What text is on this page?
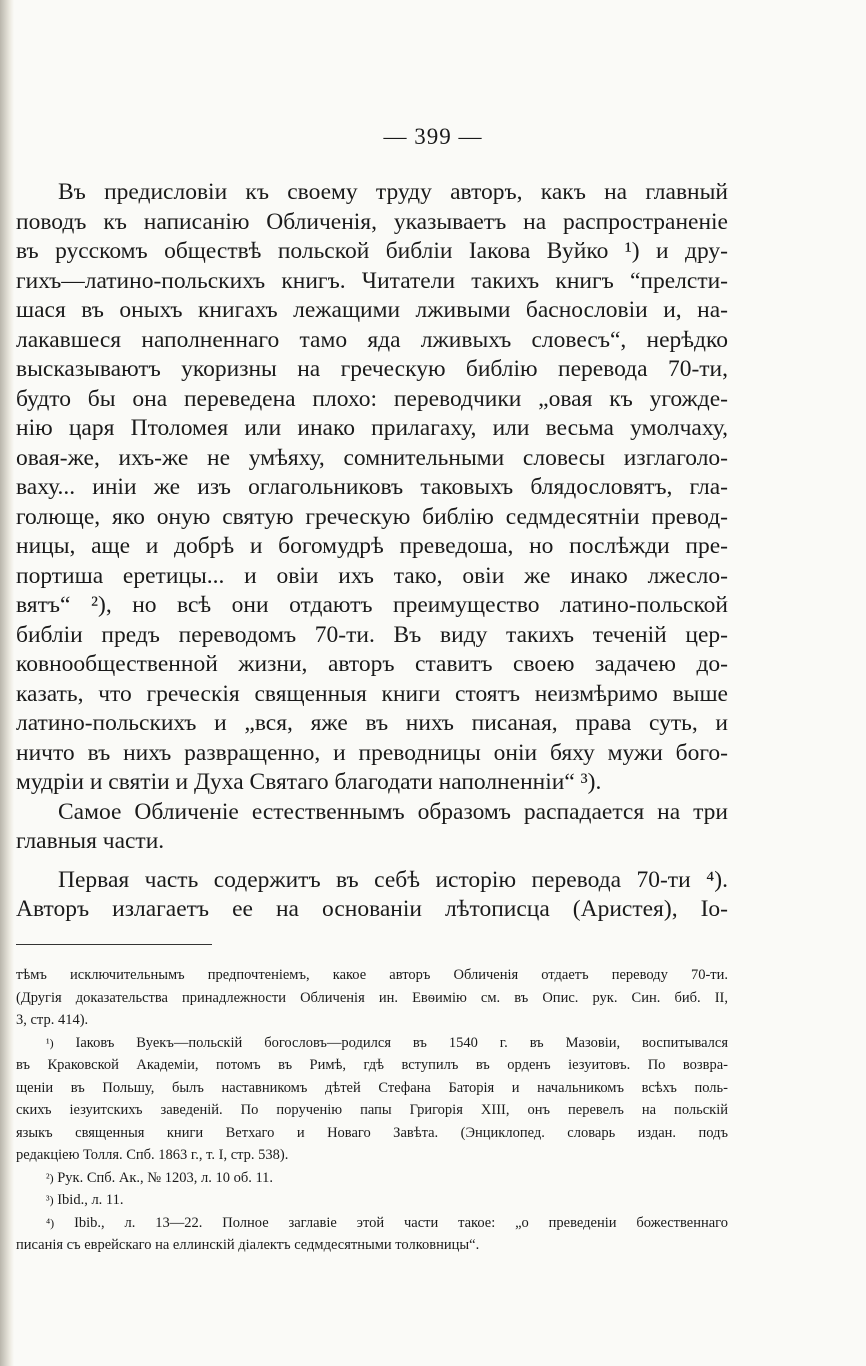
— 399 —
Въ предисловіи къ своему труду авторъ, какъ на главный
поводъ къ написанію Обличенія, указываетъ на распространеніе
въ русскомъ обществѣ польской библіи Іакова Вуйко ¹) и дру-
гихъ—латино-польскихъ книгъ. Читатели такихъ книгъ “прелсти-
шася въ оныхъ книгахъ лежащими лживыми баснословіи и, на-
лакавшеся наполненнаго тамо яда лживыхъ словесъ“, нерѣдко
высказываютъ укоризны на греческую библію перевода 70-ти,
будто бы она переведена плохо: переводчики „овая къ угожде-
нію царя Птоломея или инако прилагаху, или весьма умолчаху,
овая-же, ихъ-же не умѣяху, сомнительными словесы изглаголо-
ваху... иніи же изъ оглагольниковъ таковыхъ блядословятъ, гла-
голюще, яко оную святую греческую библію седмдесятніи превод-
ницы, аще и добрѣ и богомудрѣ преведоша, но послѣжди пре-
портиша еретицы... и овіи ихъ тако, овіи же инако лжесло-
вятъ“ ²), но всѣ они отдаютъ преимущество латино-польской
библіи предъ переводомъ 70-ти. Въ виду такихъ теченій цер-
ковнообщественной жизни, авторъ ставитъ своею задачею до-
казать, что греческія священныя книги стоятъ неизмѣримо выше
латино-польскихъ и „вся, яже въ нихъ писаная, права суть, и
ничто въ нихъ развращенно, и преводницы оніи бяху мужи бого-
мудріи и святіи и Духа Святаго благодати наполненніи“ ³).
Самое Обличеніе естественнымъ образомъ распадается на три
главныя части.
Первая часть содержитъ въ себѣ исторію перевода 70-ти ⁴).
Авторъ излагаетъ ее на основаніи лѣтописца (Аристея), Іо-
тѣмъ исключительнымъ предпочтеніемъ, какое авторъ Обличенія отдаетъ переводу 70-ти.
(Другія доказательства принадлежности Обличенія ин. Евѳимію см. въ Опис. рук. Син. биб. II,
3, стр. 414).
¹) Іаковъ Вуекъ—польскій богословъ—родился въ 1540 г. въ Мазовіи, воспитывался
въ Краковской Академіи, потомъ въ Римѣ, гдѣ вступилъ въ орденъ іезуитовъ. По возвра-
щеніи въ Польшу, былъ наставникомъ дѣтей Стефана Баторія и начальникомъ всѣхъ поль-
скихъ іезуитскихъ заведеній. По порученію папы Григорія XIII, онъ перевелъ на польскій
языкъ священныя книги Ветхаго и Новаго Завѣта. (Энциклопед. словарь издан. подъ
редакціею Толля. Спб. 1863 г., т. I, стр. 538).
²) Рук. Спб. Ак., № 1203, л. 10 об. 11.
³) Ibid., л. 11.
⁴) Ibib., л. 13—22. Полное заглавіе этой части такое: „о преведеніи божественнаго
писанія съ еврейскаго на еллинскій діалектъ седмдесятными толковницы“.
